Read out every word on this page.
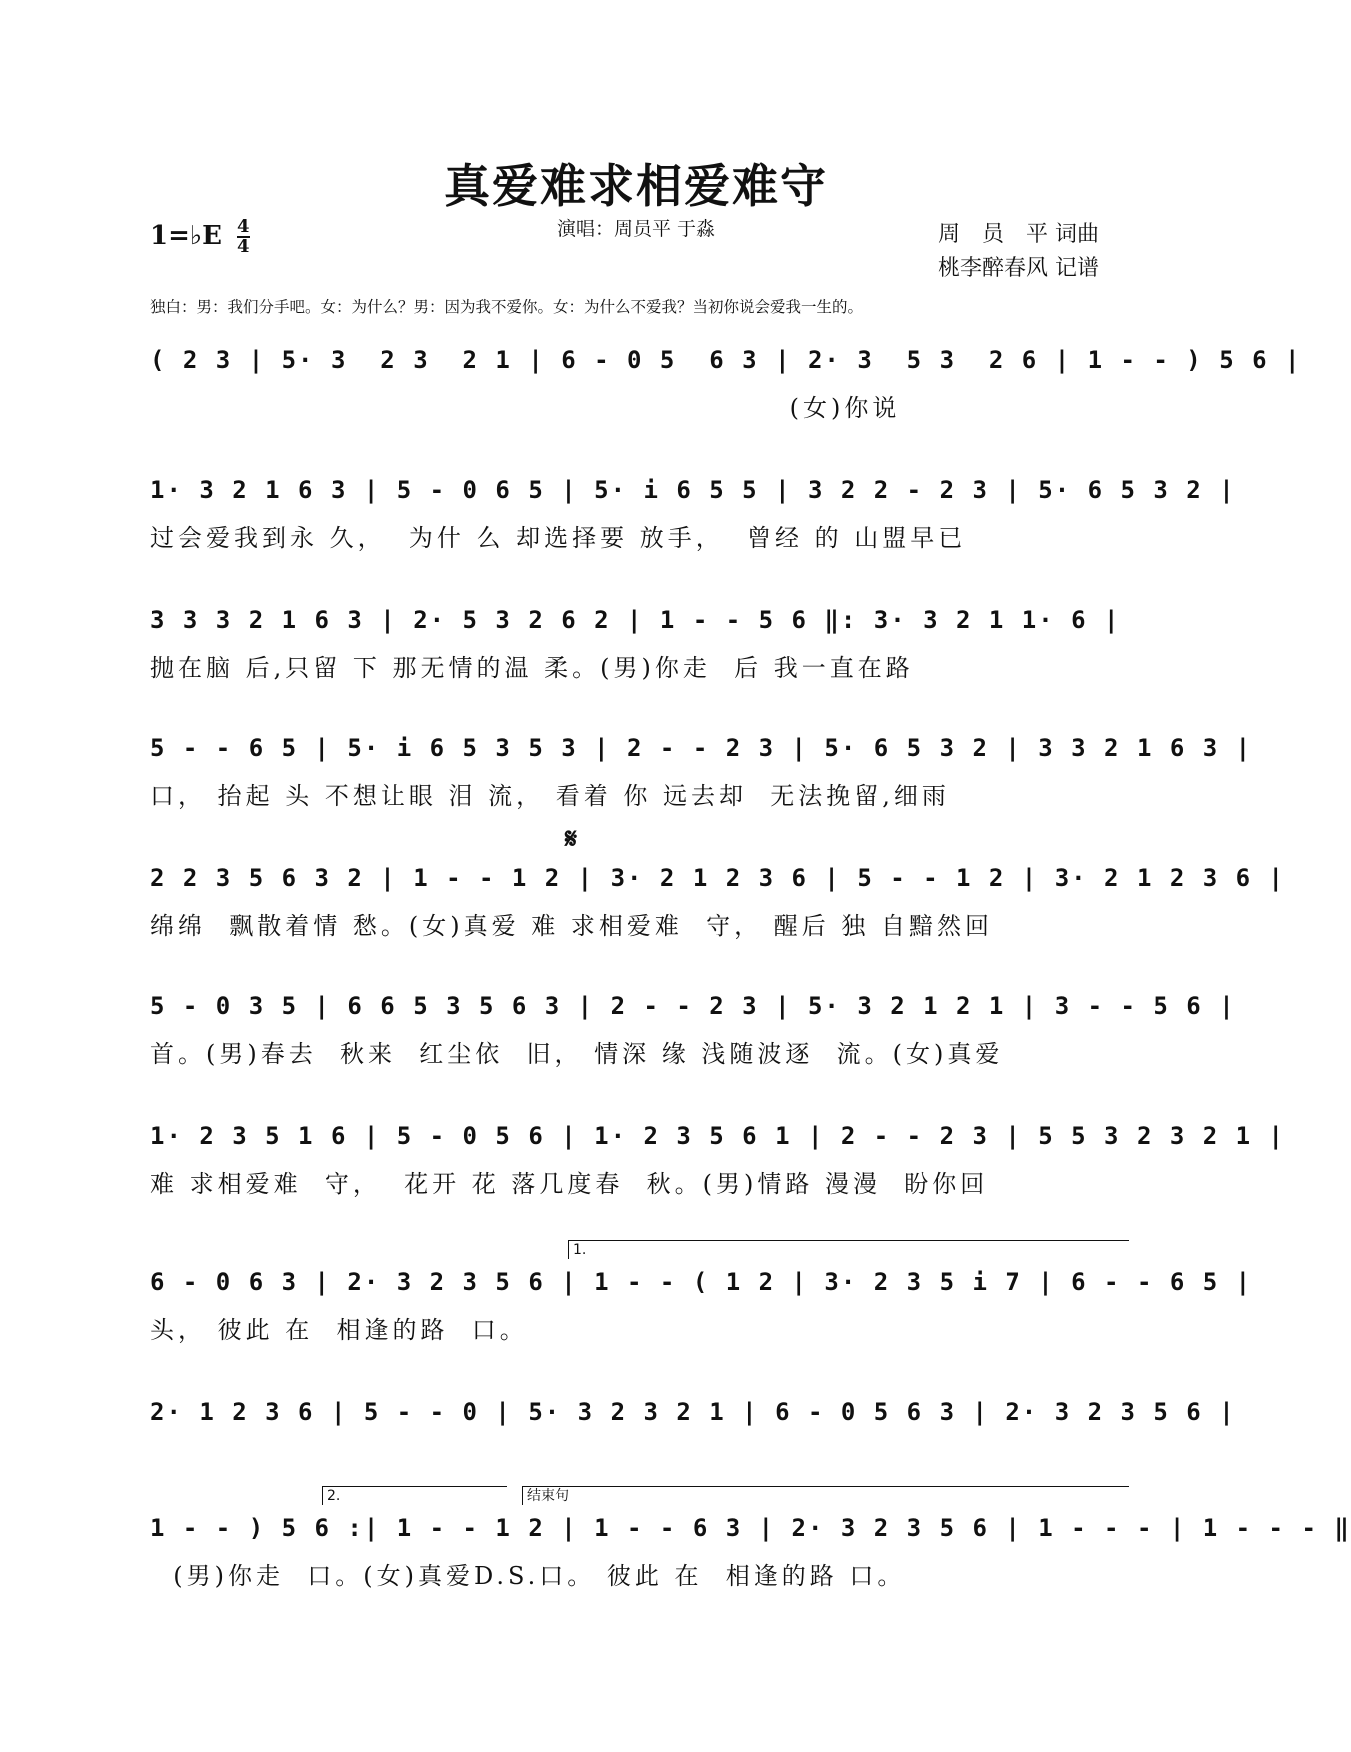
真爱难求相爱难守
1=♭E $\frac{4}{4}$	演唱：周员平 于淼	周　员　平 词曲
桃李醉春风 记谱
独白：男：我们分手吧。女：为什么？男：因为我不爱你。女：为什么不爱我？当初你说会爱我一生的。
𝄋
( 2 3 | 5· 3  2 3  2 1 | 6 - 0 5  6 3 | 2· 3  5 3  2 6 | 1 - - ) 5 6 |
(女)你说
1· 3 2 1 6 3 | 5 - 0 6 5 | 5· i 6 5 5 | 3 2 2 - 2 3 | 5· 6 5 3 2 |
过会爱我到永 久，  为什 么 却选择要 放手，  曾经 的 山盟早已
3 3 3 2 1 6 3 | 2· 5 3 2 6 2 | 1 - - 5 6 ‖: 3· 3 2 1 1· 6 |
抛在脑 后,只留 下 那无情的温 柔。(男)你走  后 我一直在路
5 - - 6 5 | 5· i 6 5 3 5 3 | 2 - - 2 3 | 5· 6 5 3 2 | 3 3 2 1 6 3 |
口， 抬起 头 不想让眼 泪 流， 看着 你 远去却  无法挽留,细雨
2 2 3 5 6 3 2 | 1 - - 1 2 | 3· 2 1 2 3 6 | 5 - - 1 2 | 3· 2 1 2 3 6 |
绵绵  飘散着情 愁。(女)真爱 难 求相爱难  守， 醒后 独 自黯然回
5 - 0 3 5 | 6 6 5 3 5 6 3 | 2 - - 2 3 | 5· 3 2 1 2 1 | 3 - - 5 6 |
首。(男)春去  秋来  红尘依  旧， 情深 缘 浅随波逐  流。(女)真爱
1· 2 3 5 1 6 | 5 - 0 5 6 | 1· 2 3 5 6 1 | 2 - - 2 3 | 5 5 3 2 3 2 1 |
难 求相爱难  守，  花开 花 落几度春  秋。(男)情路 漫漫  盼你回
6 - 0 6 3 | 2· 3 2 3 5 6 | 1 - - ( 1 2 | 3· 2 3 5 i 7 | 6 - - 6 5 |
头， 彼此 在  相逢的路  口。
2· 1 2 3 6 | 5 - - 0 | 5· 3 2 3 2 1 | 6 - 0 5 6 3 | 2· 3 2 3 5 6 |
1 - - ) 5 6 :| 1 - - 1 2 | 1 - - 6 3 | 2· 3 2 3 5 6 | 1 - - - | 1 - - - ‖
(男)你走  口。(女)真爱D.S.口。 彼此 在  相逢的路 口。
1.
2.	结束句
